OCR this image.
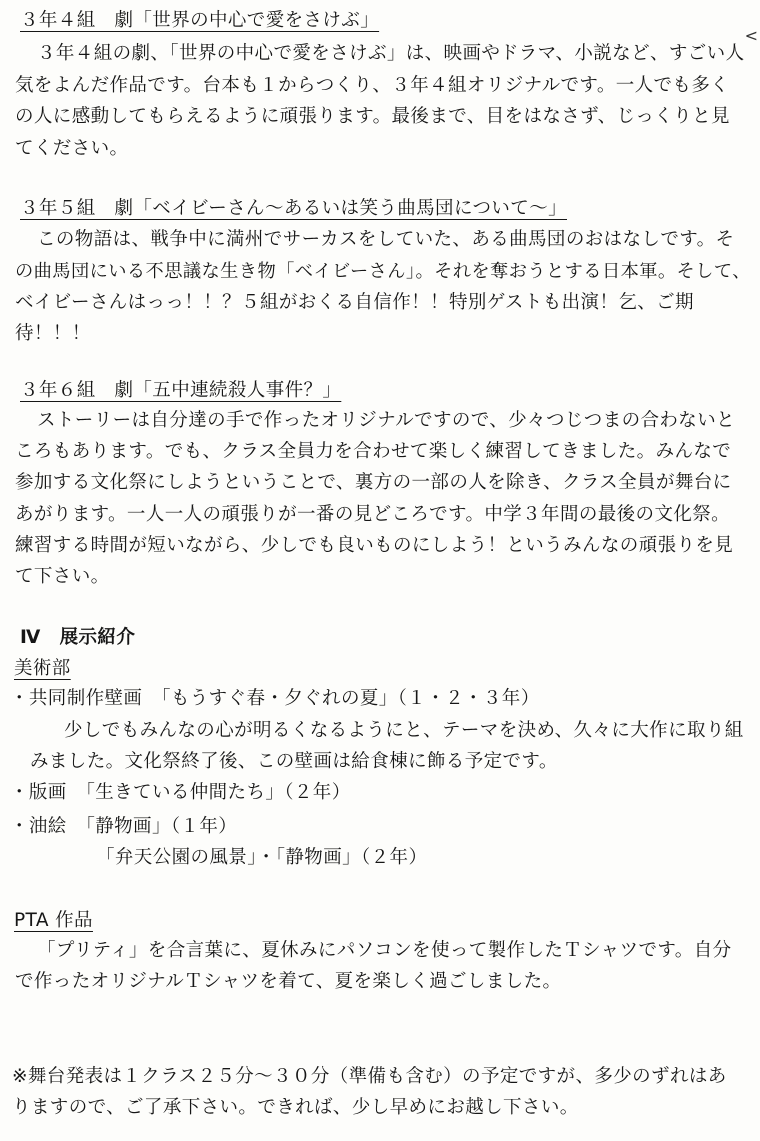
<
３年４組　劇「世界の中心で愛をさけぶ」
３年４組の劇、「世界の中心で愛をさけぶ」は、映画やドラマ、小説など、すごい人
気をよんだ作品です。台本も１からつくり、３年４組オリジナルです。一人でも多く
の人に感動してもらえるように頑張ります。最後まで、目をはなさず、じっくりと見
てください。
３年５組　劇「ベイビーさん〜あるいは笑う曲馬団について〜」
この物語は、戦争中に満州でサーカスをしていた、ある曲馬団のおはなしです。そ
の曲馬団にいる不思議な生き物「ベイビーさん」。それを奪おうとする日本軍。そして、
ベイビーさんはっっ！！？５組がおくる自信作！！特別ゲストも出演！乞、ご期
待！！！
３年６組　劇「五中連続殺人事件？」
ストーリーは自分達の手で作ったオリジナルですので、少々つじつまの合わないと
ころもあります。でも、クラス全員力を合わせて楽しく練習してきました。みんなで
参加する文化祭にしようということで、裏方の一部の人を除き、クラス全員が舞台に
あがります。一人一人の頑張りが一番の見どころです。中学３年間の最後の文化祭。
練習する時間が短いながら、少しでも良いものにしよう！というみんなの頑張りを見
て下さい。
Ⅳ　展示紹介
美術部
・共同制作壁画　「もうすぐ春・夕ぐれの夏」（１・２・３年）
少しでもみんなの心が明るくなるようにと、テーマを決め、久々に大作に取り組
みました。文化祭終了後、この壁画は給食棟に飾る予定です。
・版画　「生きている仲間たち」（２年）
・油絵　「静物画」（１年）
「弁天公園の風景」・「静物画」（２年）
PTA 作品
「プリティ」を合言葉に、夏休みにパソコンを使って製作したＴシャツです。自分
で作ったオリジナルＴシャツを着て、夏を楽しく過ごしました。
※舞台発表は１クラス２５分〜３０分（準備も含む）の予定ですが、多少のずれはあ
りますので、ご了承下さい。できれば、少し早めにお越し下さい。
